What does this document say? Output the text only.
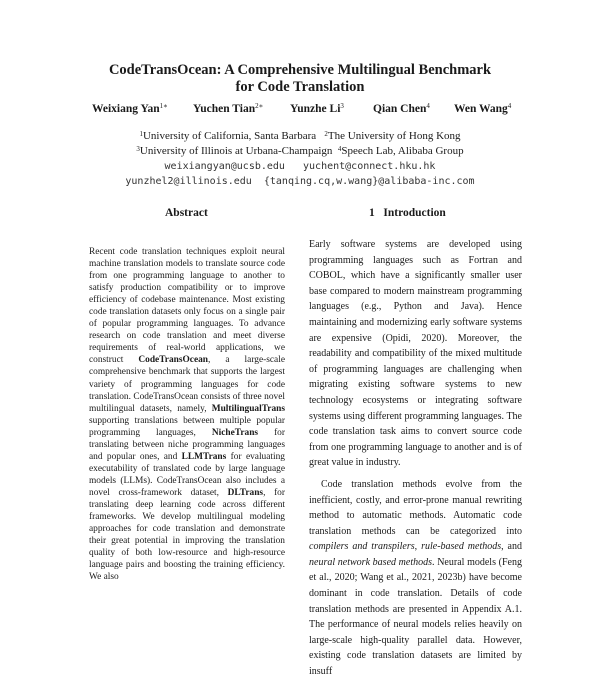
CodeTransOcean: A Comprehensive Multilingual Benchmark
for Code Translation
Weixiang Yan$^{1∗}$ Yuchen Tian$^{2∗}$ Yunzhe Li$^3$	Qian Chen$^4$ Wen Wang$^4$
$^1$University of California, Santa Barbara $^2$The University of Hong Kong
$^3$University of Illinois at Urbana-Champaign $^4$Speech Lab, Alibaba Group
weixiangyan@ucsb.edu   yuchent@connect.hku.hk
yunzhel2@illinois.edu  {tanqing.cq,w.wang}@alibaba-inc.com
Abstract	1   Introduction
Recent code translation techniques exploit neural machine translation models to translate source code from one programming language to another to satisfy production compatibility or to improve efficiency of codebase maintenance. Most existing code translation datasets only focus on a single pair of popular programming languages. To advance research on code translation and meet diverse requirements of real-world applications, we construct CodeTransOcean, a large-scale comprehensive benchmark that supports the largest variety of programming languages for code translation. CodeTransOcean consists of three novel multilingual datasets, namely, MultilingualTrans supporting translations between multiple popular programming languages, NicheTrans for translating between niche programming languages and popular ones, and LLMTrans for evaluating executability of translated code by large language models (LLMs). CodeTransOcean also includes a novel cross-framework dataset, DLTrans, for translating deep learning code across different frameworks. We develop multilingual modeling approaches for code translation and demonstrate their great potential in improving the translation quality of both low-resource and high-resource language pairs and boosting the training efficiency. We also

Early software systems are developed using programming languages such as Fortran and COBOL, which have a significantly smaller user base compared to modern mainstream programming languages (e.g., Python and Java). Hence maintaining and modernizing early software systems are expensive (Opidi, 2020). Moreover, the readability and compatibility of the mixed multitude of programming languages are challenging when migrating existing software systems to new technology ecosystems or integrating software systems using different programming languages. The code translation task aims to convert source code from one programming language to another and is of great value in industry.

Code translation methods evolve from the inefficient, costly, and error-prone manual rewriting method to automatic methods. Automatic code translation methods can be categorized into compilers and transpilers, rule-based methods, and neural network based methods. Neural models (Feng et al., 2020; Wang et al., 2021, 2023b) have become dominant in code translation. Details of code translation methods are presented in Appendix A.1. The performance of neural models relies heavily on large-scale high-quality parallel data. However, existing code translation datasets are limited by insuff
